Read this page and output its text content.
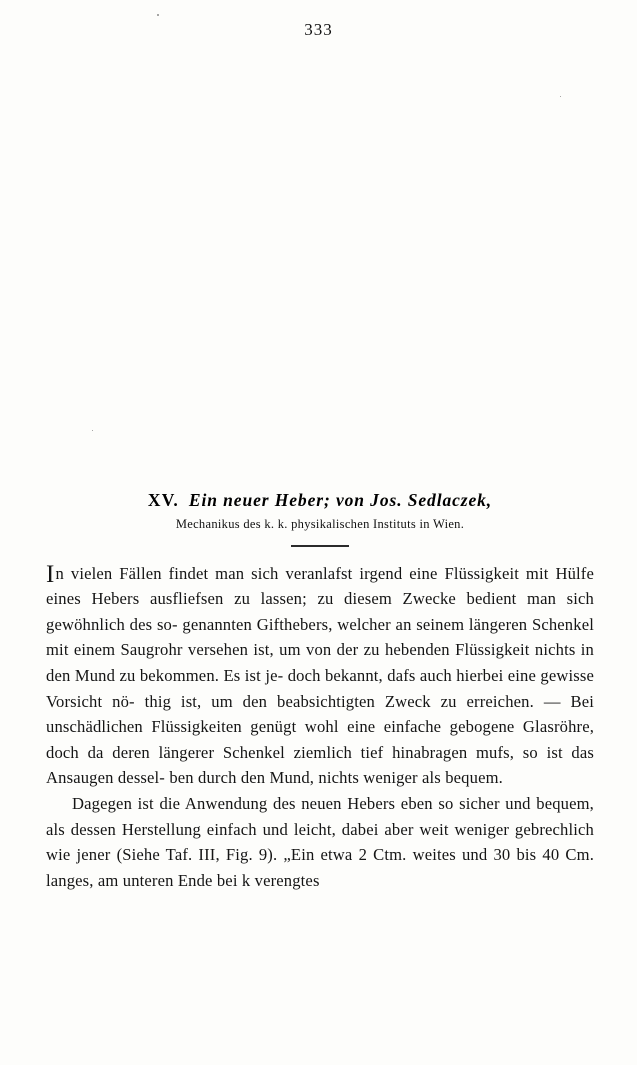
333
XV. Ein neuer Heber; von Jos. Sedlaczek,
Mechanikus des k. k. physikalischen Instituts in Wien.

In vielen Fällen findet man sich veranlafst irgend eine Flüssigkeit mit Hülfe eines Hebers ausfliefsen zu lassen; zu diesem Zwecke bedient man sich gewöhnlich des so- genannten Gifthebers, welcher an seinem längeren Schenkel mit einem Saugrohr versehen ist, um von der zu hebenden Flüssigkeit nichts in den Mund zu bekommen. Es ist je- doch bekannt, dafs auch hierbei eine gewisse Vorsicht nö- thig ist, um den beabsichtigten Zweck zu erreichen. — Bei unschädlichen Flüssigkeiten genügt wohl eine einfache gebogene Glasröhre, doch da deren längerer Schenkel ziemlich tief hinabragen mufs, so ist das Ansaugen dessel- ben durch den Mund, nichts weniger als bequem.

Dagegen ist die Anwendung des neuen Hebers eben so sicher und bequem, als dessen Herstellung einfach und leicht, dabei aber weit weniger gebrechlich wie jener (Siehe Taf. III, Fig. 9). „Ein etwa 2 Ctm. weites und 30 bis 40 Cm. langes, am unteren Ende bei k verengtes
